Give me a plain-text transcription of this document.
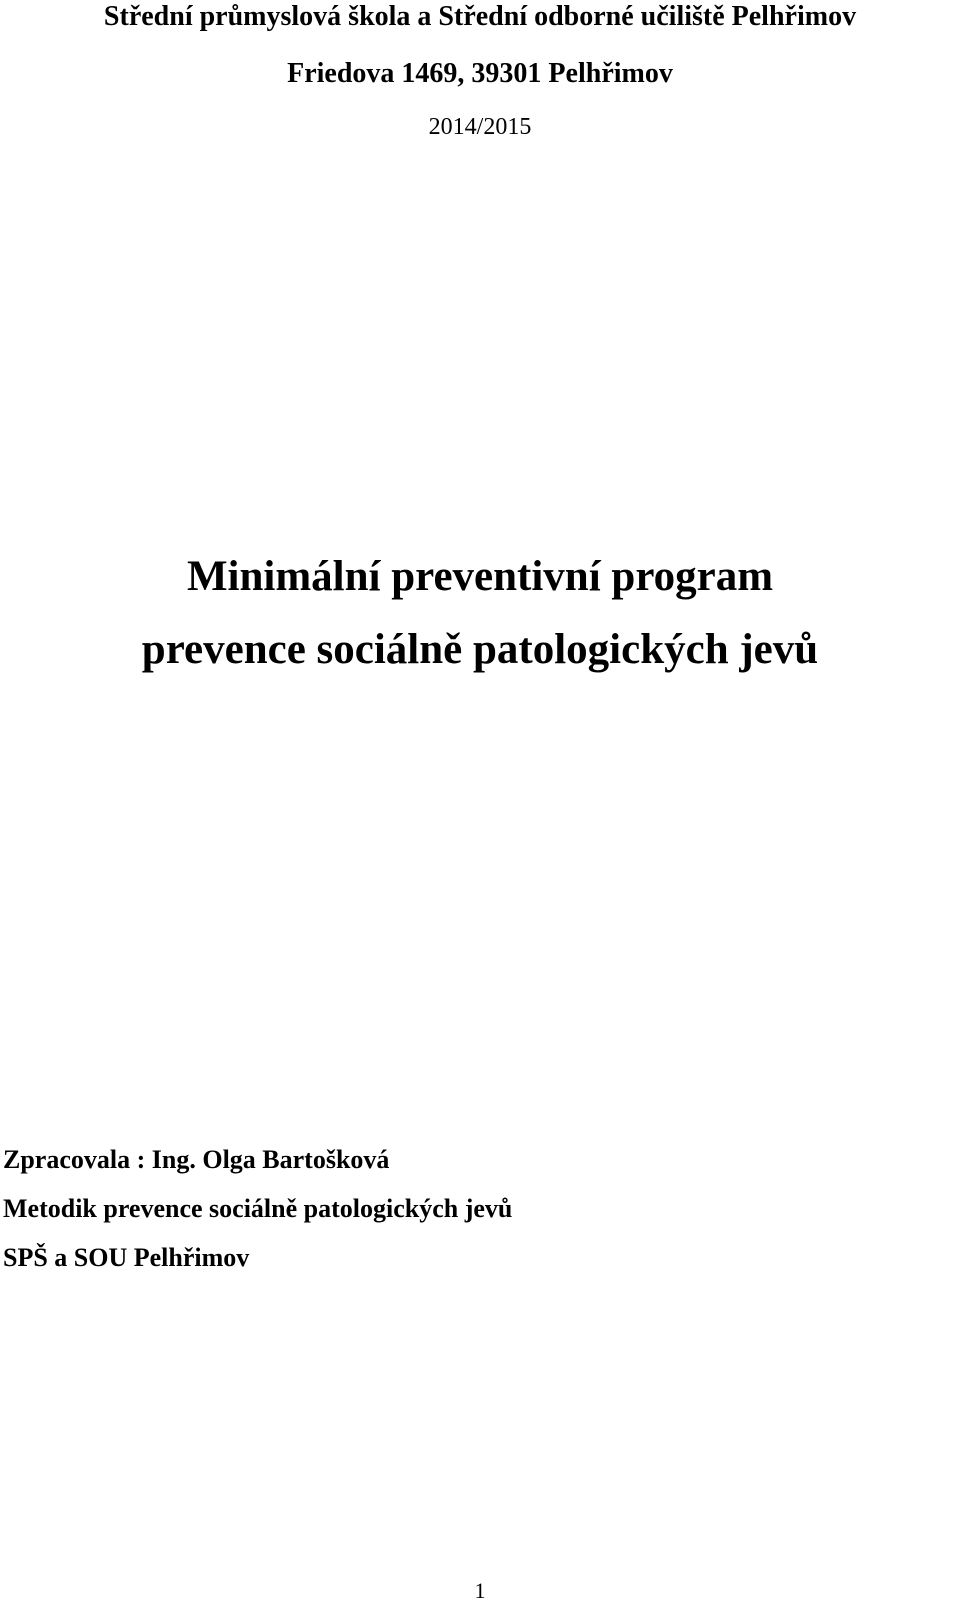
Střední průmyslová škola a Střední odborné učiliště Pelhřimov
Friedova 1469, 39301 Pelhřimov
2014/2015
Minimální preventivní program
prevence sociálně patologických jevů
Zpracovala : Ing. Olga Bartošková
Metodik prevence sociálně patologických jevů
SPŠ a SOU Pelhřimov
1
